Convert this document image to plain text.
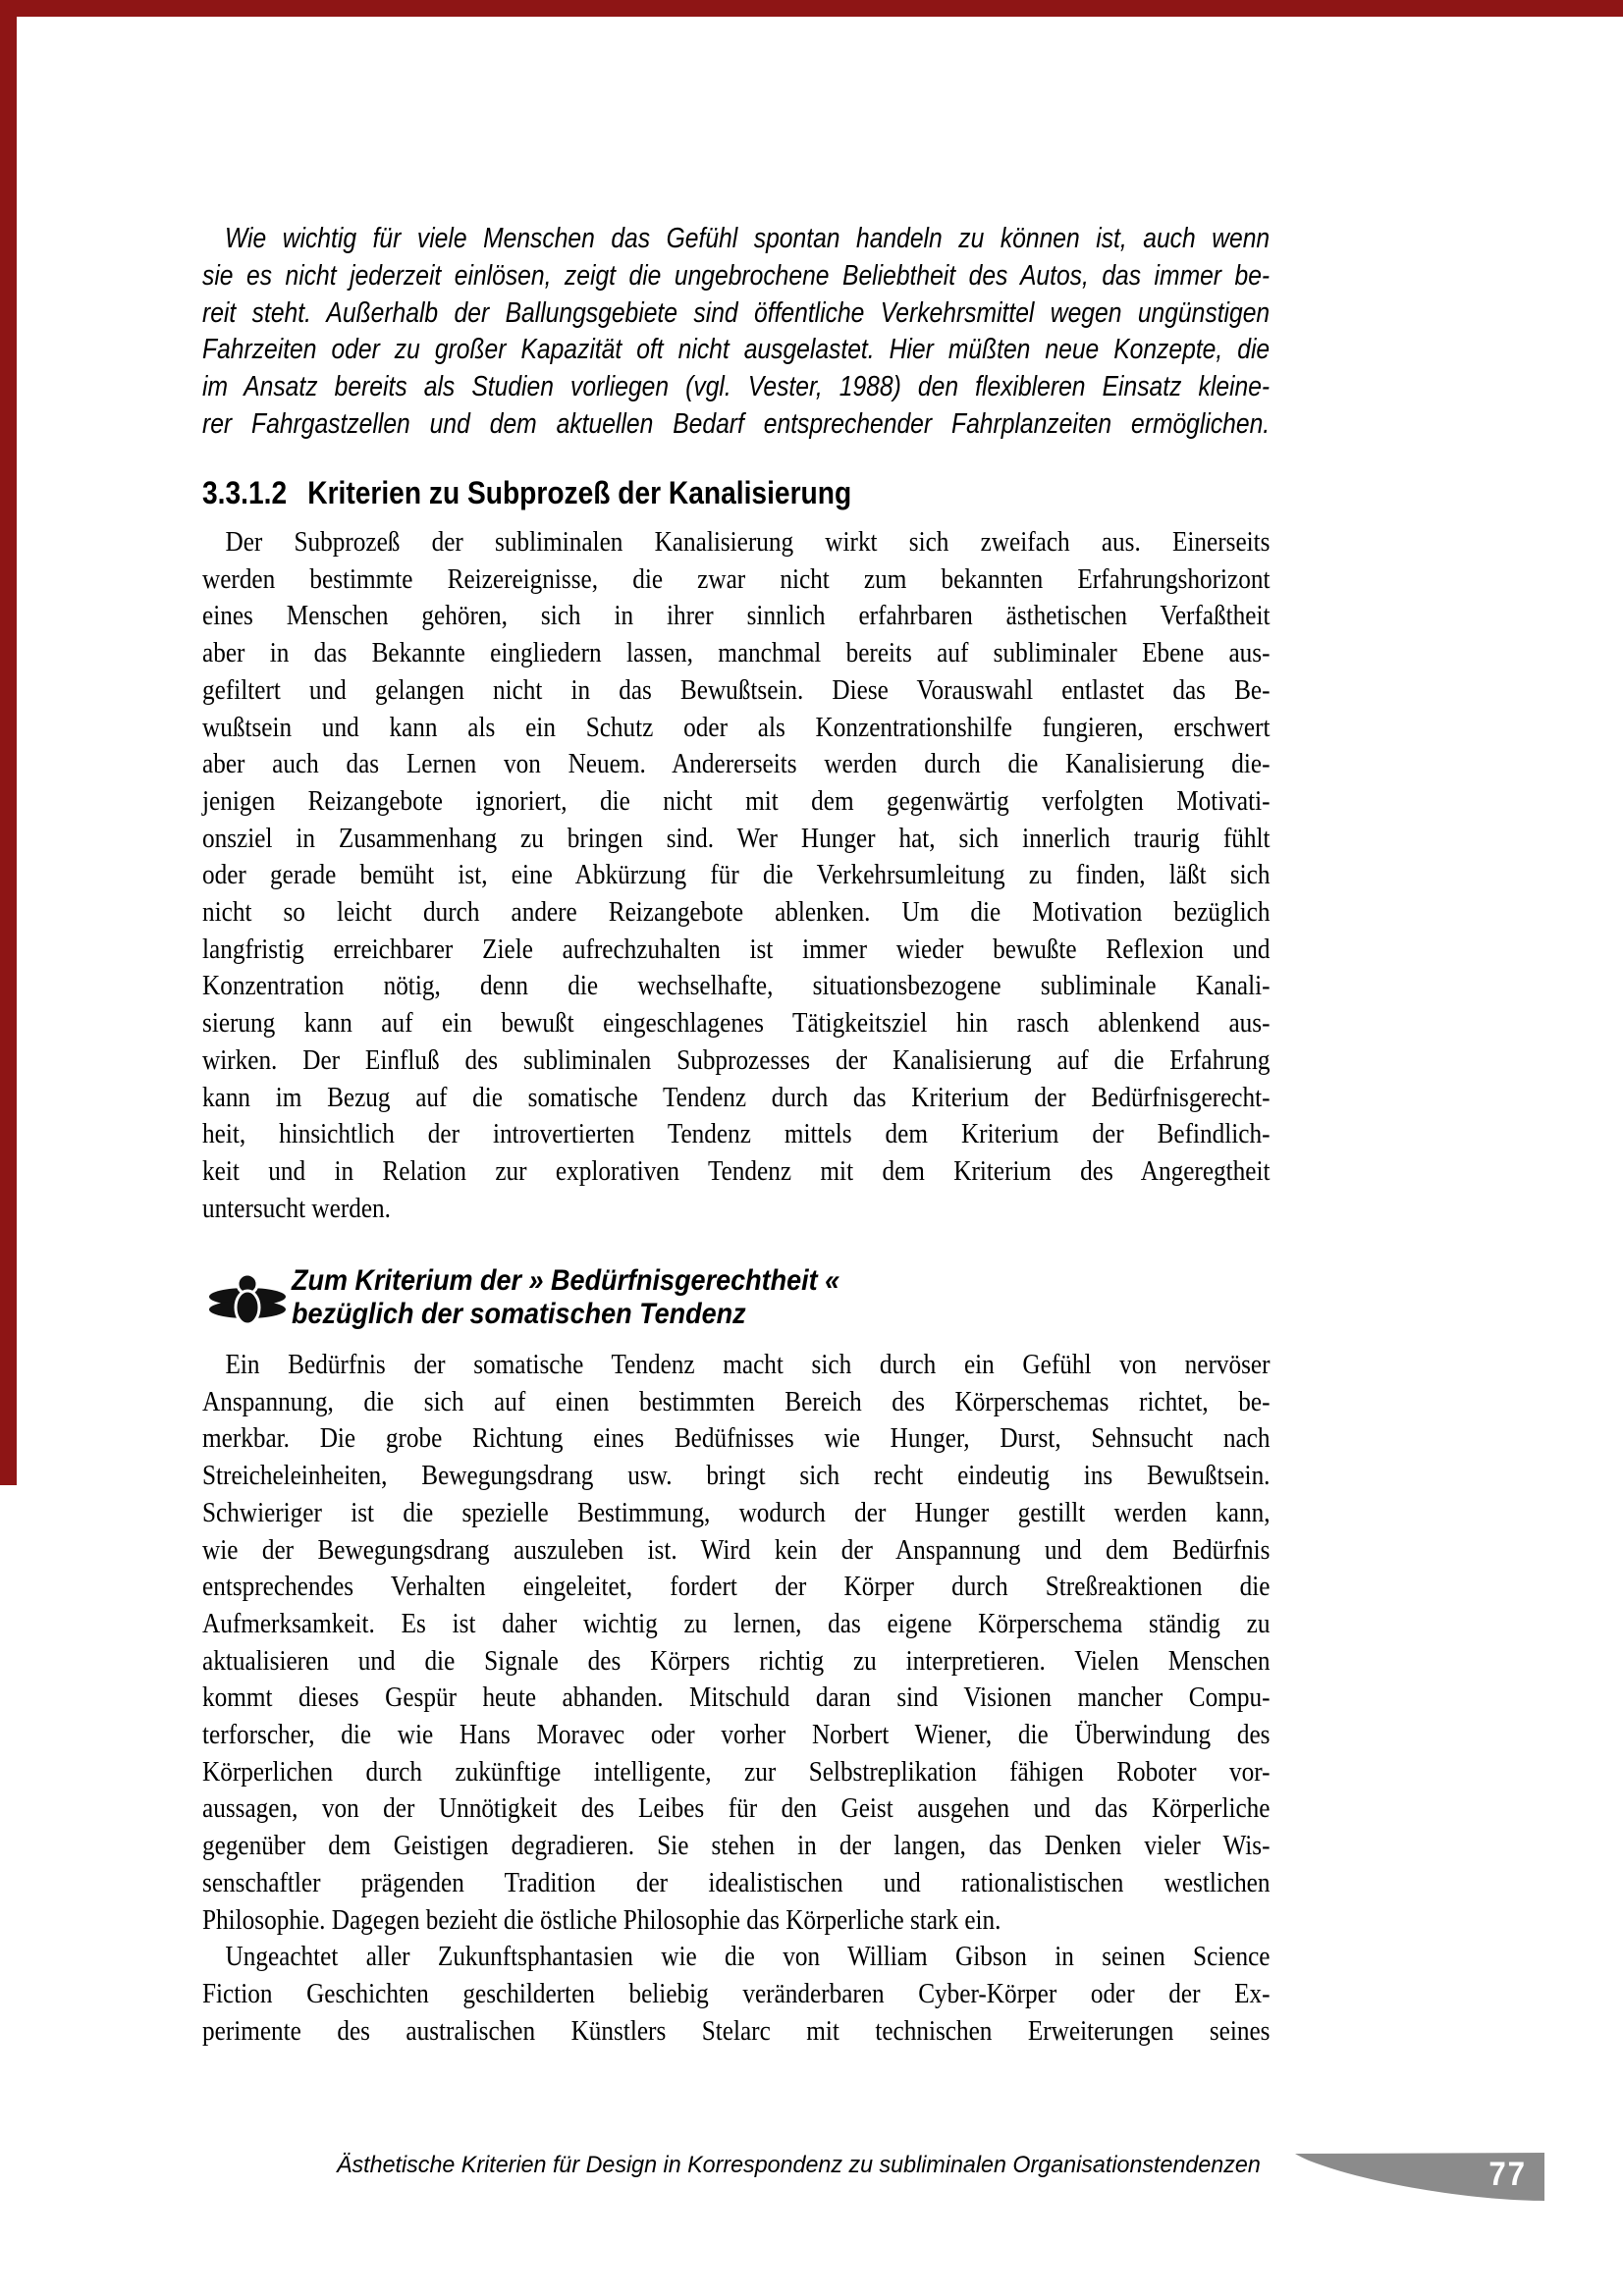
Wie wichtig für viele Menschen das Gefühl spontan handeln zu können ist, auch wenn
sie es nicht jederzeit einlösen, zeigt die ungebrochene Beliebtheit des Autos, das immer be-
reit steht. Außerhalb der Ballungsgebiete sind öffentliche Verkehrsmittel wegen ungünstigen
Fahrzeiten oder zu großer Kapazität oft nicht ausgelastet. Hier müßten neue Konzepte, die
im Ansatz bereits als Studien vorliegen (vgl. Vester, 1988) den flexibleren Einsatz kleine-
rer Fahrgastzellen und dem aktuellen Bedarf entsprechender Fahrplanzeiten ermöglichen.
3.3.1.2 Kriterien zu Subprozeß der Kanalisierung
Der Subprozeß der subliminalen Kanalisierung wirkt sich zweifach aus. Einerseits
werden bestimmte Reizereignisse, die zwar nicht zum bekannten Erfahrungshorizont
eines Menschen gehören, sich in ihrer sinnlich erfahrbaren ästhetischen Verfaßtheit
aber in das Bekannte eingliedern lassen, manchmal bereits auf subliminaler Ebene aus-
gefiltert und gelangen nicht in das Bewußtsein. Diese Vorauswahl entlastet das Be-
wußtsein und kann als ein Schutz oder als Konzentrationshilfe fungieren, erschwert
aber auch das Lernen von Neuem. Andererseits werden durch die Kanalisierung die-
jenigen Reizangebote ignoriert, die nicht mit dem gegenwärtig verfolgten Motivati-
onsziel in Zusammenhang zu bringen sind. Wer Hunger hat, sich innerlich traurig fühlt
oder gerade bemüht ist, eine Abkürzung für die Verkehrsumleitung zu finden, läßt sich
nicht so leicht durch andere Reizangebote ablenken. Um die Motivation bezüglich
langfristig erreichbarer Ziele aufrechzuhalten ist immer wieder bewußte Reflexion und
Konzentration nötig, denn die wechselhafte, situationsbezogene subliminale Kanali-
sierung kann auf ein bewußt eingeschlagenes Tätigkeitsziel hin rasch ablenkend aus-
wirken. Der Einfluß des subliminalen Subprozesses der Kanalisierung auf die Erfahrung
kann im Bezug auf die somatische Tendenz durch das Kriterium der Bedürfnisgerecht-
heit, hinsichtlich der introvertierten Tendenz mittels dem Kriterium der Befindlich-
keit und in Relation zur explorativen Tendenz mit dem Kriterium des Angeregtheit
untersucht werden.
Zum Kriterium der » Bedürfnisgerechtheit «
bezüglich der somatischen Tendenz
Ein Bedürfnis der somatische Tendenz macht sich durch ein Gefühl von nervöser
Anspannung, die sich auf einen bestimmten Bereich des Körperschemas richtet, be-
merkbar. Die grobe Richtung eines Bedüfnisses wie Hunger, Durst, Sehnsucht nach
Streicheleinheiten, Bewegungsdrang usw. bringt sich recht eindeutig ins Bewußtsein.
Schwieriger ist die spezielle Bestimmung, wodurch der Hunger gestillt werden kann,
wie der Bewegungsdrang auszuleben ist. Wird kein der Anspannung und dem Bedürfnis
entsprechendes Verhalten eingeleitet, fordert der Körper durch Streßreaktionen die
Aufmerksamkeit. Es ist daher wichtig zu lernen, das eigene Körperschema ständig zu
aktualisieren und die Signale des Körpers richtig zu interpretieren. Vielen Menschen
kommt dieses Gespür heute abhanden. Mitschuld daran sind Visionen mancher Compu-
terforscher, die wie Hans Moravec oder vorher Norbert Wiener, die Überwindung des
Körperlichen durch zukünftige intelligente, zur Selbstreplikation fähigen Roboter vor-
aussagen, von der Unnötigkeit des Leibes für den Geist ausgehen und das Körperliche
gegenüber dem Geistigen degradieren. Sie stehen in der langen, das Denken vieler Wis-
senschaftler prägenden Tradition der idealistischen und rationalistischen westlichen
Philosophie. Dagegen bezieht die östliche Philosophie das Körperliche stark ein.
Ungeachtet aller Zukunftsphantasien wie die von William Gibson in seinen Science
Fiction Geschichten geschilderten beliebig veränderbaren Cyber-Körper oder der Ex-
perimente des australischen Künstlers Stelarc mit technischen Erweiterungen seines
Ästhetische Kriterien für Design in Korrespondenz zu subliminalen Organisationstendenzen	77
